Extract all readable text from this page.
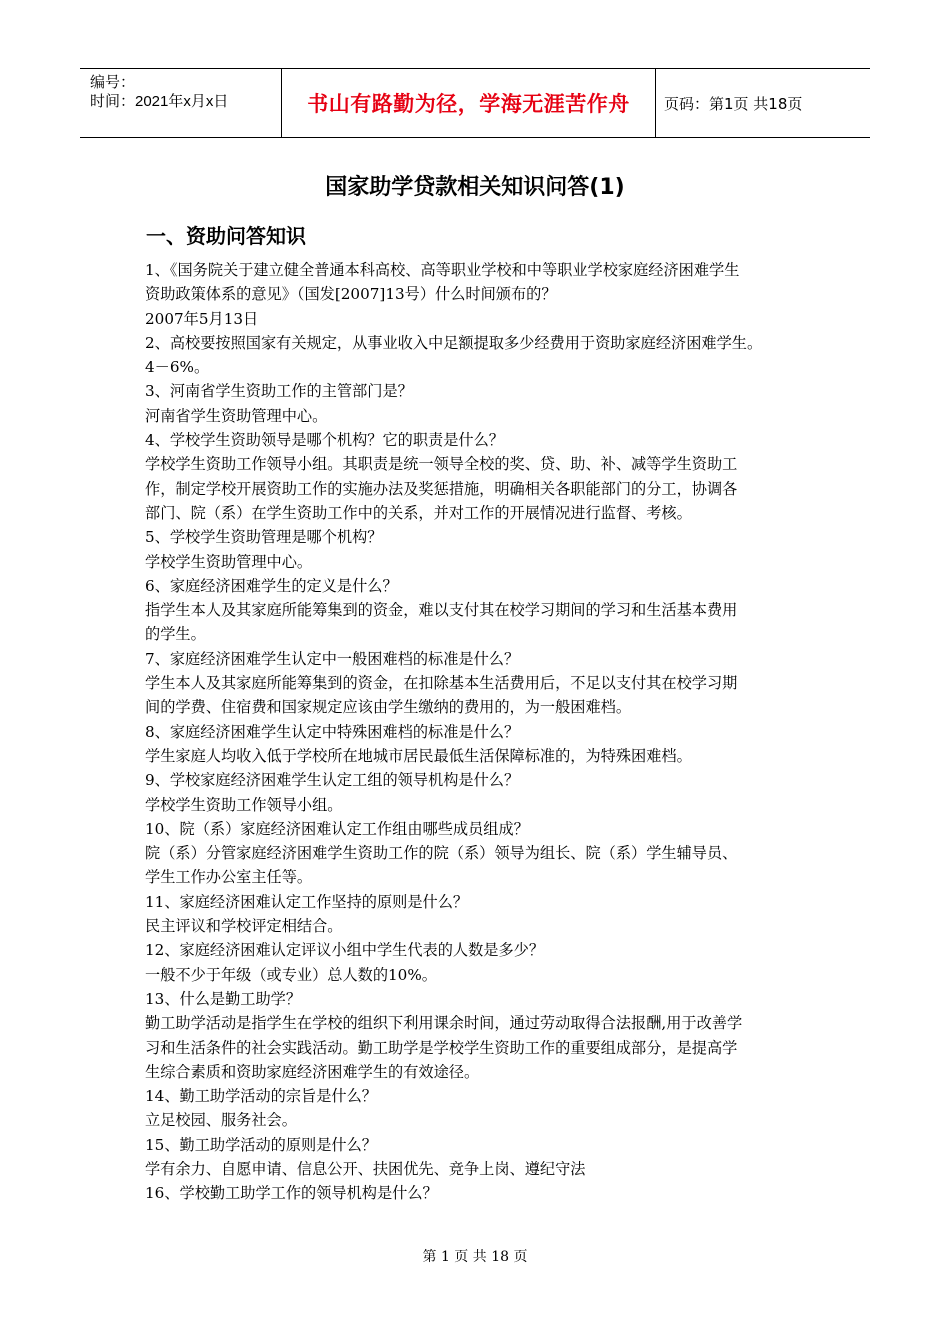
编号：
时间：2021年x月x日	书山有路勤为径，学海无涯苦作舟	页码：第1页 共18页
国家助学贷款相关知识问答(1)
一、资助问答知识
1、《国务院关于建立健全普通本科高校、高等职业学校和中等职业学校家庭经济困难学生
资助政策体系的意见》（国发[2007]13号）什么时间颁布的？
2007年5月13日
2、高校要按照国家有关规定，从事业收入中足额提取多少经费用于资助家庭经济困难学生。
4－6%。
3、河南省学生资助工作的主管部门是？
河南省学生资助管理中心。
4、学校学生资助领导是哪个机构？它的职责是什么？
学校学生资助工作领导小组。其职责是统一领导全校的奖、贷、助、补、减等学生资助工
作，制定学校开展资助工作的实施办法及奖惩措施，明确相关各职能部门的分工，协调各
部门、院（系）在学生资助工作中的关系，并对工作的开展情况进行监督、考核。
5、学校学生资助管理是哪个机构？
学校学生资助管理中心。
6、家庭经济困难学生的定义是什么？
指学生本人及其家庭所能筹集到的资金，难以支付其在校学习期间的学习和生活基本费用
的学生。
7、家庭经济困难学生认定中一般困难档的标准是什么？
学生本人及其家庭所能筹集到的资金，在扣除基本生活费用后，不足以支付其在校学习期
间的学费、住宿费和国家规定应该由学生缴纳的费用的，为一般困难档。
8、家庭经济困难学生认定中特殊困难档的标准是什么？
学生家庭人均收入低于学校所在地城市居民最低生活保障标准的，为特殊困难档。
9、学校家庭经济困难学生认定工组的领导机构是什么？
学校学生资助工作领导小组。
10、院（系）家庭经济困难认定工作组由哪些成员组成？
院（系）分管家庭经济困难学生资助工作的院（系）领导为组长、院（系）学生辅导员、
学生工作办公室主任等。
11、家庭经济困难认定工作坚持的原则是什么？
民主评议和学校评定相结合。
12、家庭经济困难认定评议小组中学生代表的人数是多少？
一般不少于年级（或专业）总人数的10%。
13、什么是勤工助学？
勤工助学活动是指学生在学校的组织下利用课余时间，通过劳动取得合法报酬,用于改善学
习和生活条件的社会实践活动。勤工助学是学校学生资助工作的重要组成部分，是提高学
生综合素质和资助家庭经济困难学生的有效途径。
14、勤工助学活动的宗旨是什么？
立足校园、服务社会。
15、勤工助学活动的原则是什么？
学有余力、自愿申请、信息公开、扶困优先、竞争上岗、遵纪守法
16、学校勤工助学工作的领导机构是什么？
第 1 页 共 18 页
